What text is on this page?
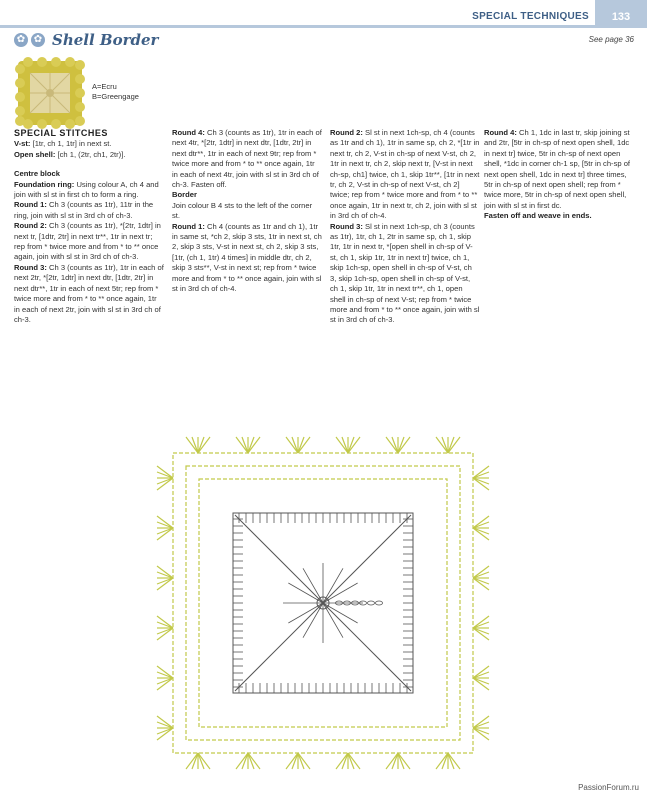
SPECIAL TECHNIQUES	133
✿ ✿ Shell Border	See page 36
A=Ecru
B=Greengage

SPECIAL STITCHES

V-st: [1tr, ch 1, 1tr] in next st.

Open shell: [ch 1, (2tr, ch1, 2tr)].

Centre block

Foundation ring: Using colour A, ch 4 and join with sl st in first ch to form a ring.

Round 1: Ch 3 (counts as 1tr), 11tr in the ring, join with sl st in 3rd ch of ch-3.

Round 2: Ch 3 (counts as 1tr), *[2tr, 1dtr] in next tr, [1dtr, 2tr] in next tr**, 1tr in next tr; rep from * twice more and from * to ** once again, join with sl st in 3rd ch of ch-3.

Round 3: Ch 3 (counts as 1tr), 1tr in each of next 2tr, *[2tr, 1dtr] in next dtr, [1dtr, 2tr] in next dtr**, 1tr in each of next 5tr; rep from * twice more and from * to ** once again, 1tr in each of next 2tr, join with sl st in 3rd ch of ch-3.

Round 4: Ch 3 (counts as 1tr), 1tr in each of next 4tr, *[2tr, 1dtr] in next dtr, [1dtr, 2tr] in next dtr**, 1tr in each of next 9tr; rep from * twice more and from * to ** once again, 1tr in each of next 4tr, join with sl st in 3rd ch of ch-3. Fasten off.

Border

Join colour B 4 sts to the left of the corner st.

Round 1: Ch 4 (counts as 1tr and ch 1), 1tr in same st, *ch 2, skip 3 sts, 1tr in next st, ch 2, skip 3 sts, V-st in next st, ch 2, skip 3 sts, [1tr, (ch 1, 1tr) 4 times] in middle dtr, ch 2, skip 3 sts**, V-st in next st; rep from * twice more and from * to ** once again, join with sl st in 3rd ch of ch-4.

Round 2: Sl st in next 1ch-sp, ch 4 (counts as 1tr and ch 1), 1tr in same sp, ch 2, *[1tr in next tr, ch 2, V-st in ch-sp of next V-st, ch 2, 1tr in next tr, ch 2, skip next tr, [V-st in next ch-sp, ch1] twice, ch 1, skip 1tr**, [1tr in next tr, ch 2, V-st in ch-sp of next V-st, ch 2] twice; rep from * twice more and from * to ** once again, 1tr in next tr, ch 2, join with sl st in 3rd ch of ch-4.

Round 3: Sl st in next 1ch-sp, ch 3 (counts as 1tr), 1tr, ch 1, 2tr in same sp, ch 1, skip 1tr, 1tr in next tr, *[open shell in ch-sp of V-st, ch 1, skip 1tr, 1tr in next tr] twice, ch 1, skip 1ch-sp, open shell in ch-sp of V-st, ch 3, skip 1ch-sp, open shell in ch-sp of V-st, ch 1, skip 1tr, 1tr in next tr**, ch 1, open shell in ch-sp of next V-st; rep from * twice more and from * to ** once again, join with sl st in 3rd ch of ch-3.

Round 4: Ch 1, 1dc in last tr, skip joining st and 2tr, [5tr in ch-sp of next open shell, 1dc in next tr] twice, 5tr in ch-sp of next open shell, *1dc in corner ch-1 sp, [5tr in ch-sp of next open shell, 1dc in next tr] three times, 5tr in ch-sp of next open shell; rep from * twice more, 5tr in ch-sp of next open shell, join with sl st in first dc.

Fasten off and weave in ends.

PassionForum.ru
